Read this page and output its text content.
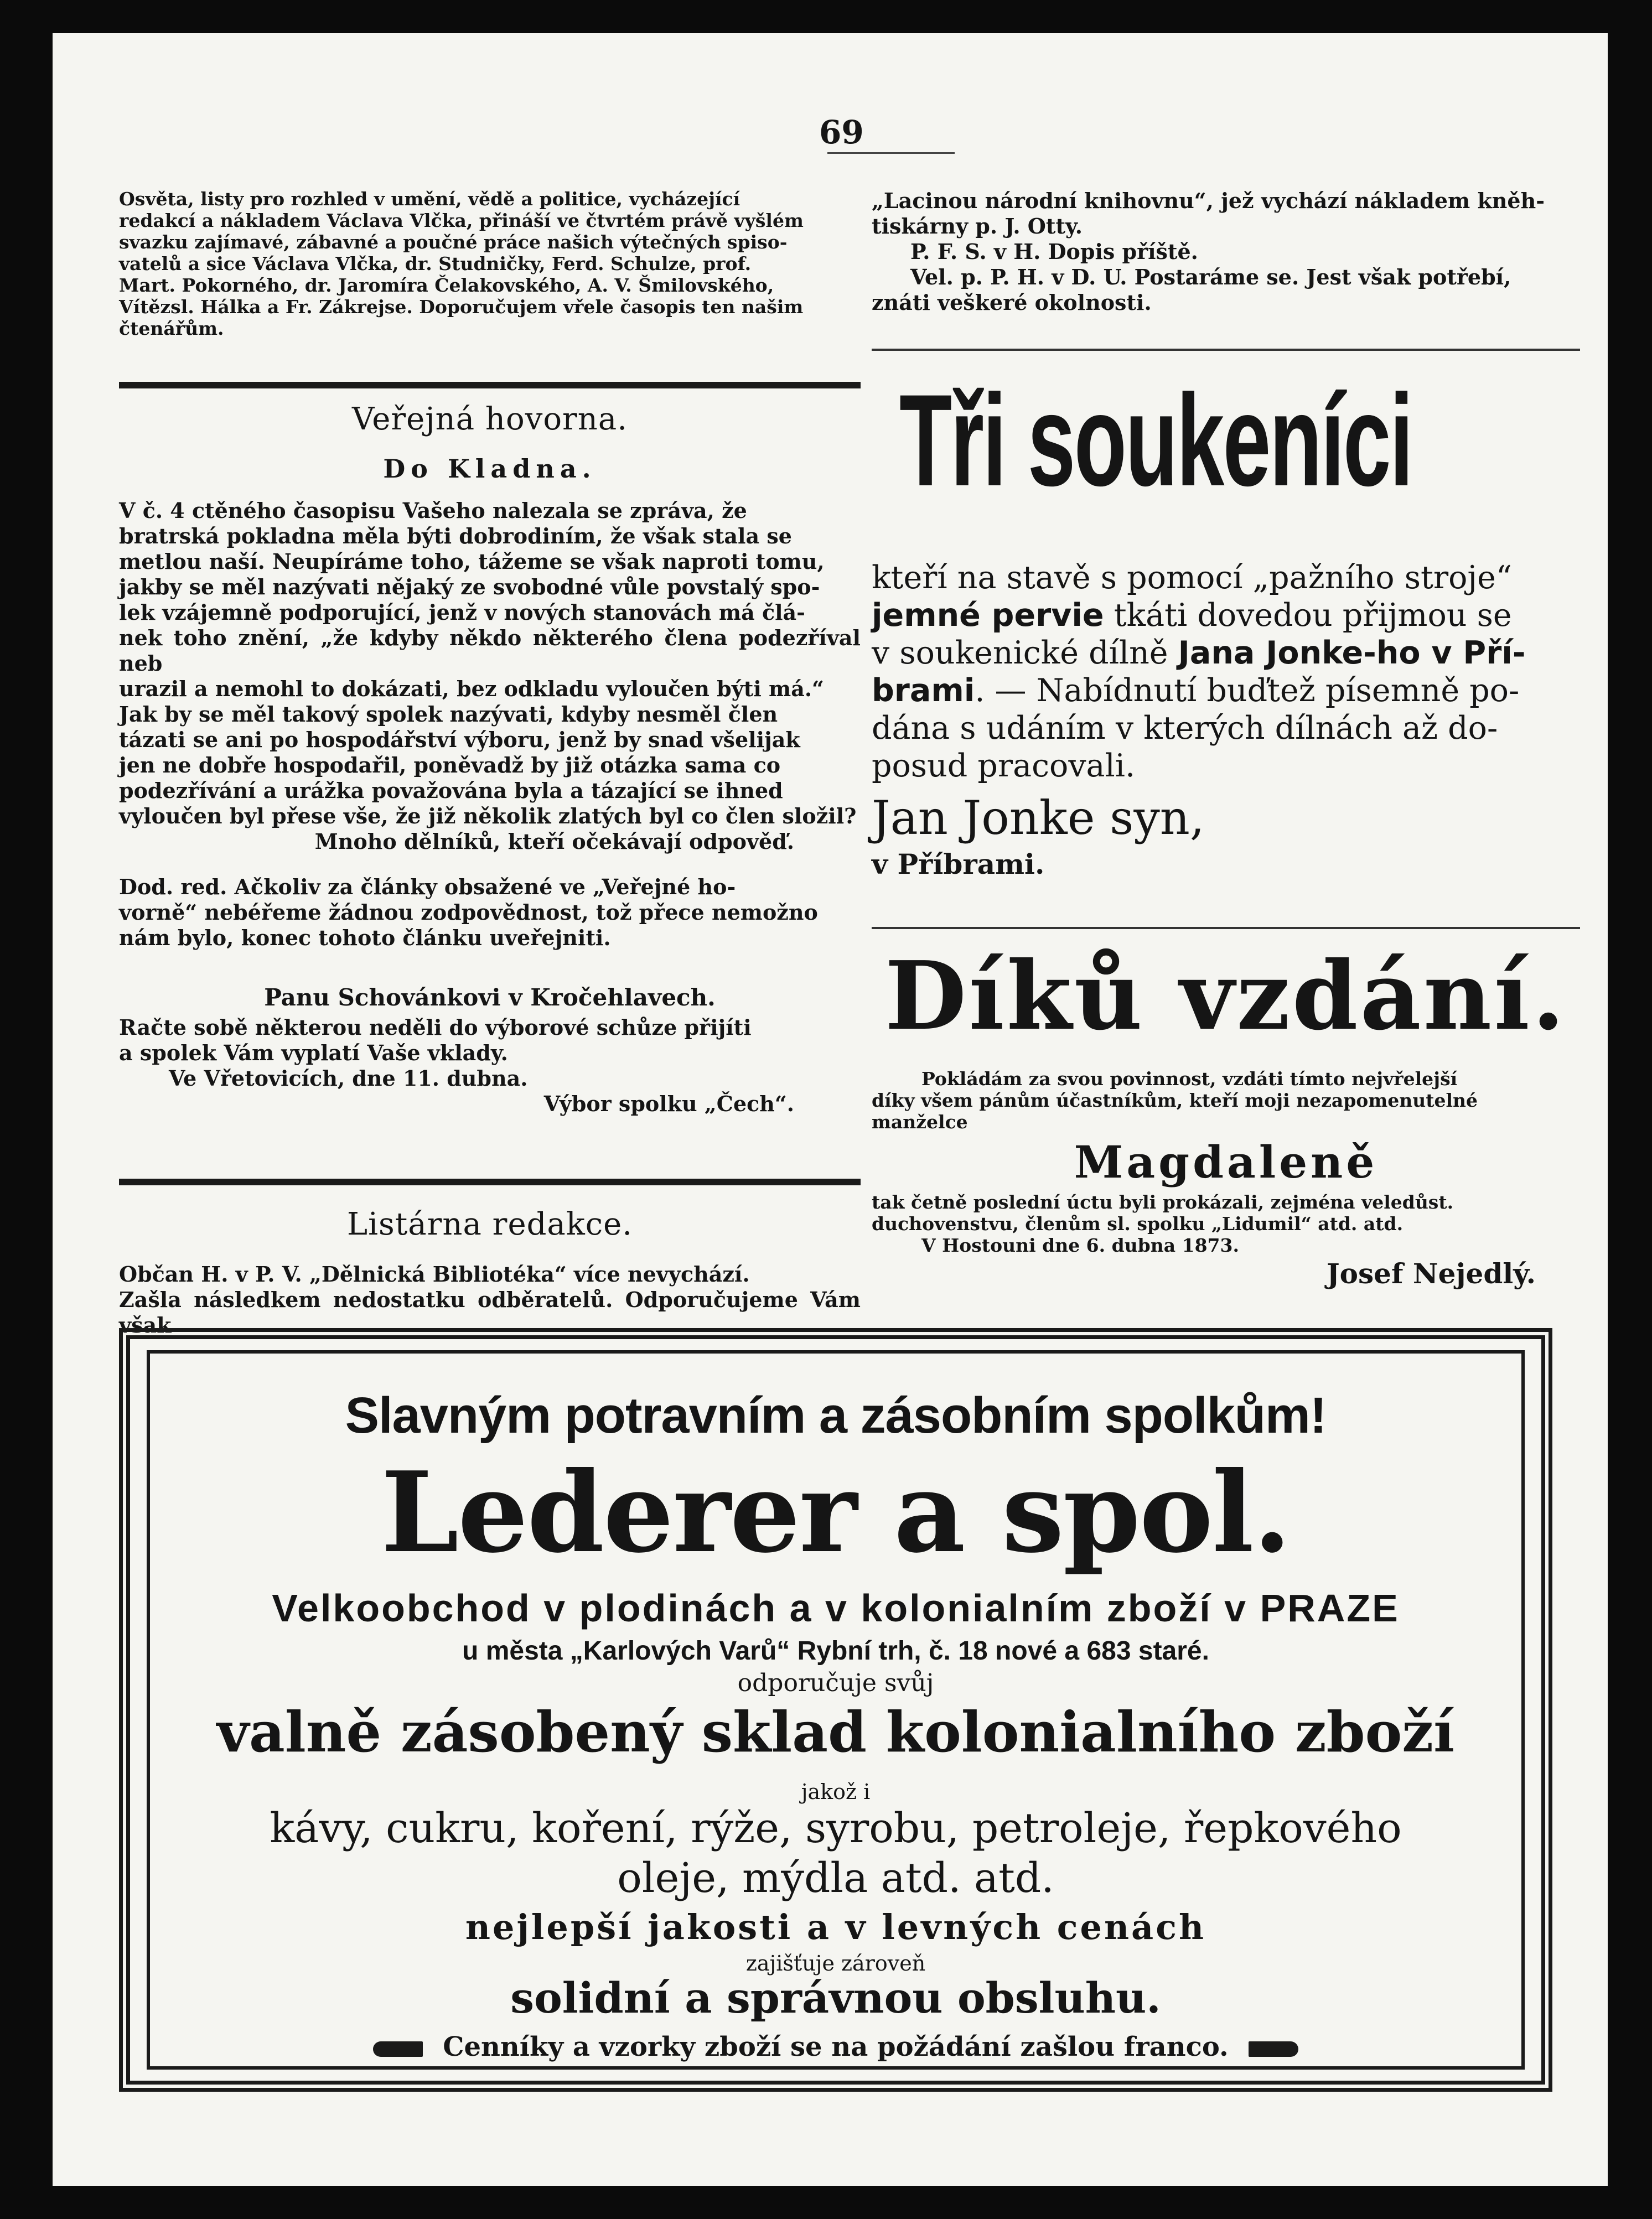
69

Osvěta, listy pro rozhled v umění, vědě a politice, vycházející

redakcí a nákladem Václava Vlčka, přináší ve čtvrtém právě vyšlém

svazku zajímavé, zábavné a poučné práce našich výtečných spiso-

vatelů a sice Václava Vlčka, dr. Studničky, Ferd. Schulze, prof.

Mart. Pokorného, dr. Jaromíra Čelakovského, A. V. Šmilovského,

Vítězsl. Hálka a Fr. Zákrejse. Doporučujem vřele časopis ten našim

čtenářům.

Veřejná hovorna.
Do Kladna.

V č. 4 ctěného časopisu Vašeho nalezala se zpráva, že

bratrská pokladna měla býti dobrodiním, že však stala se

metlou naší. Neupíráme toho, tážeme se však naproti tomu,

jakby se měl nazývati nějaký ze svobodné vůle povstalý spo-

lek vzájemně podporující, jenž v nových stanovách má člá-

nek toho znění, „že kdyby někdo některého člena podezříval neb

urazil a nemohl to dokázati, bez odkladu vyloučen býti má.“

Jak by se měl takový spolek nazývati, kdyby nesměl člen

tázati se ani po hospodářství výboru, jenž by snad všelijak

jen ne dobře hospodařil, poněvadž by již otázka sama co

podezřívání a urážka považována byla a tázající se ihned

vyloučen byl přese vše, že již několik zlatých byl co člen složil?

Mnoho dělníků, kteří očekávají odpověď.

Dod. red. Ačkoliv za články obsažené ve „Veřejné ho-

vorně“ nebéřeme žádnou zodpovědnost, tož přece nemožno

nám bylo, konec tohoto článku uveřejniti.

Panu Schovánkovi v Kročehlavech.

Račte sobě některou neděli do výborové schůze přijíti

a spolek Vám vyplatí Vaše vklady.

Ve Vřetovicích, dne 11. dubna.

Výbor spolku „Čech“.

Listárna redakce.

Občan H. v P. V. „Dělnická Bibliotéka“ více nevychází.

Zašla následkem nedostatku odběratelů. Odporučujeme Vám však

„Lacinou národní knihovnu“, jež vychází nákladem kněh-

tiskárny p. J. Otty.

P. F. S. v H. Dopis příště.

Vel. p. P. H. v D. U. Postaráme se. Jest však potřebí,

znáti veškeré okolnosti.

Tři soukeníci
kteří na stavě s pomocí „pažního stroje“
jemné pervie tkáti dovedou přijmou se
v soukenické dílně Jana Jonke-ho v Pří-
brami. — Nabídnutí buďtež písemně po-
dána s udáním v kterých dílnách až do-
posud pracovali.
Jan Jonke syn,
v Příbrami.
Díků vzdání.

Pokládám za svou povinnost, vzdáti tímto nejvřelejší

díky všem pánům účastníkům, kteří moji nezapomenutelné

manželce

Magdaleně

tak četně poslední úctu byli prokázali, zejména veledůst.

duchovenstvu, členům sl. spolku „Lidumil“ atd. atd.

V Hostouni dne 6. dubna 1873.

Josef Nejedlý.

Slavným potravním a zásobním spolkům!
Lederer a spol.
Velkoobchod v plodinách a v kolonialním zboží v PRAZE
u města „Karlových Varů“ Rybní trh, č. 18 nové a 683 staré.
odporučuje svůj
valně zásobený sklad kolonialního zboží
jakož i
kávy, cukru, koření, rýže, syrobu, petroleje, řepkového
oleje, mýdla atd. atd.
nejlepší jakosti a v levných cenách
zajišťuje zároveň
solidní a správnou obsluhu.
Cenníky a vzorky zboží se na požádání zašlou franco.
